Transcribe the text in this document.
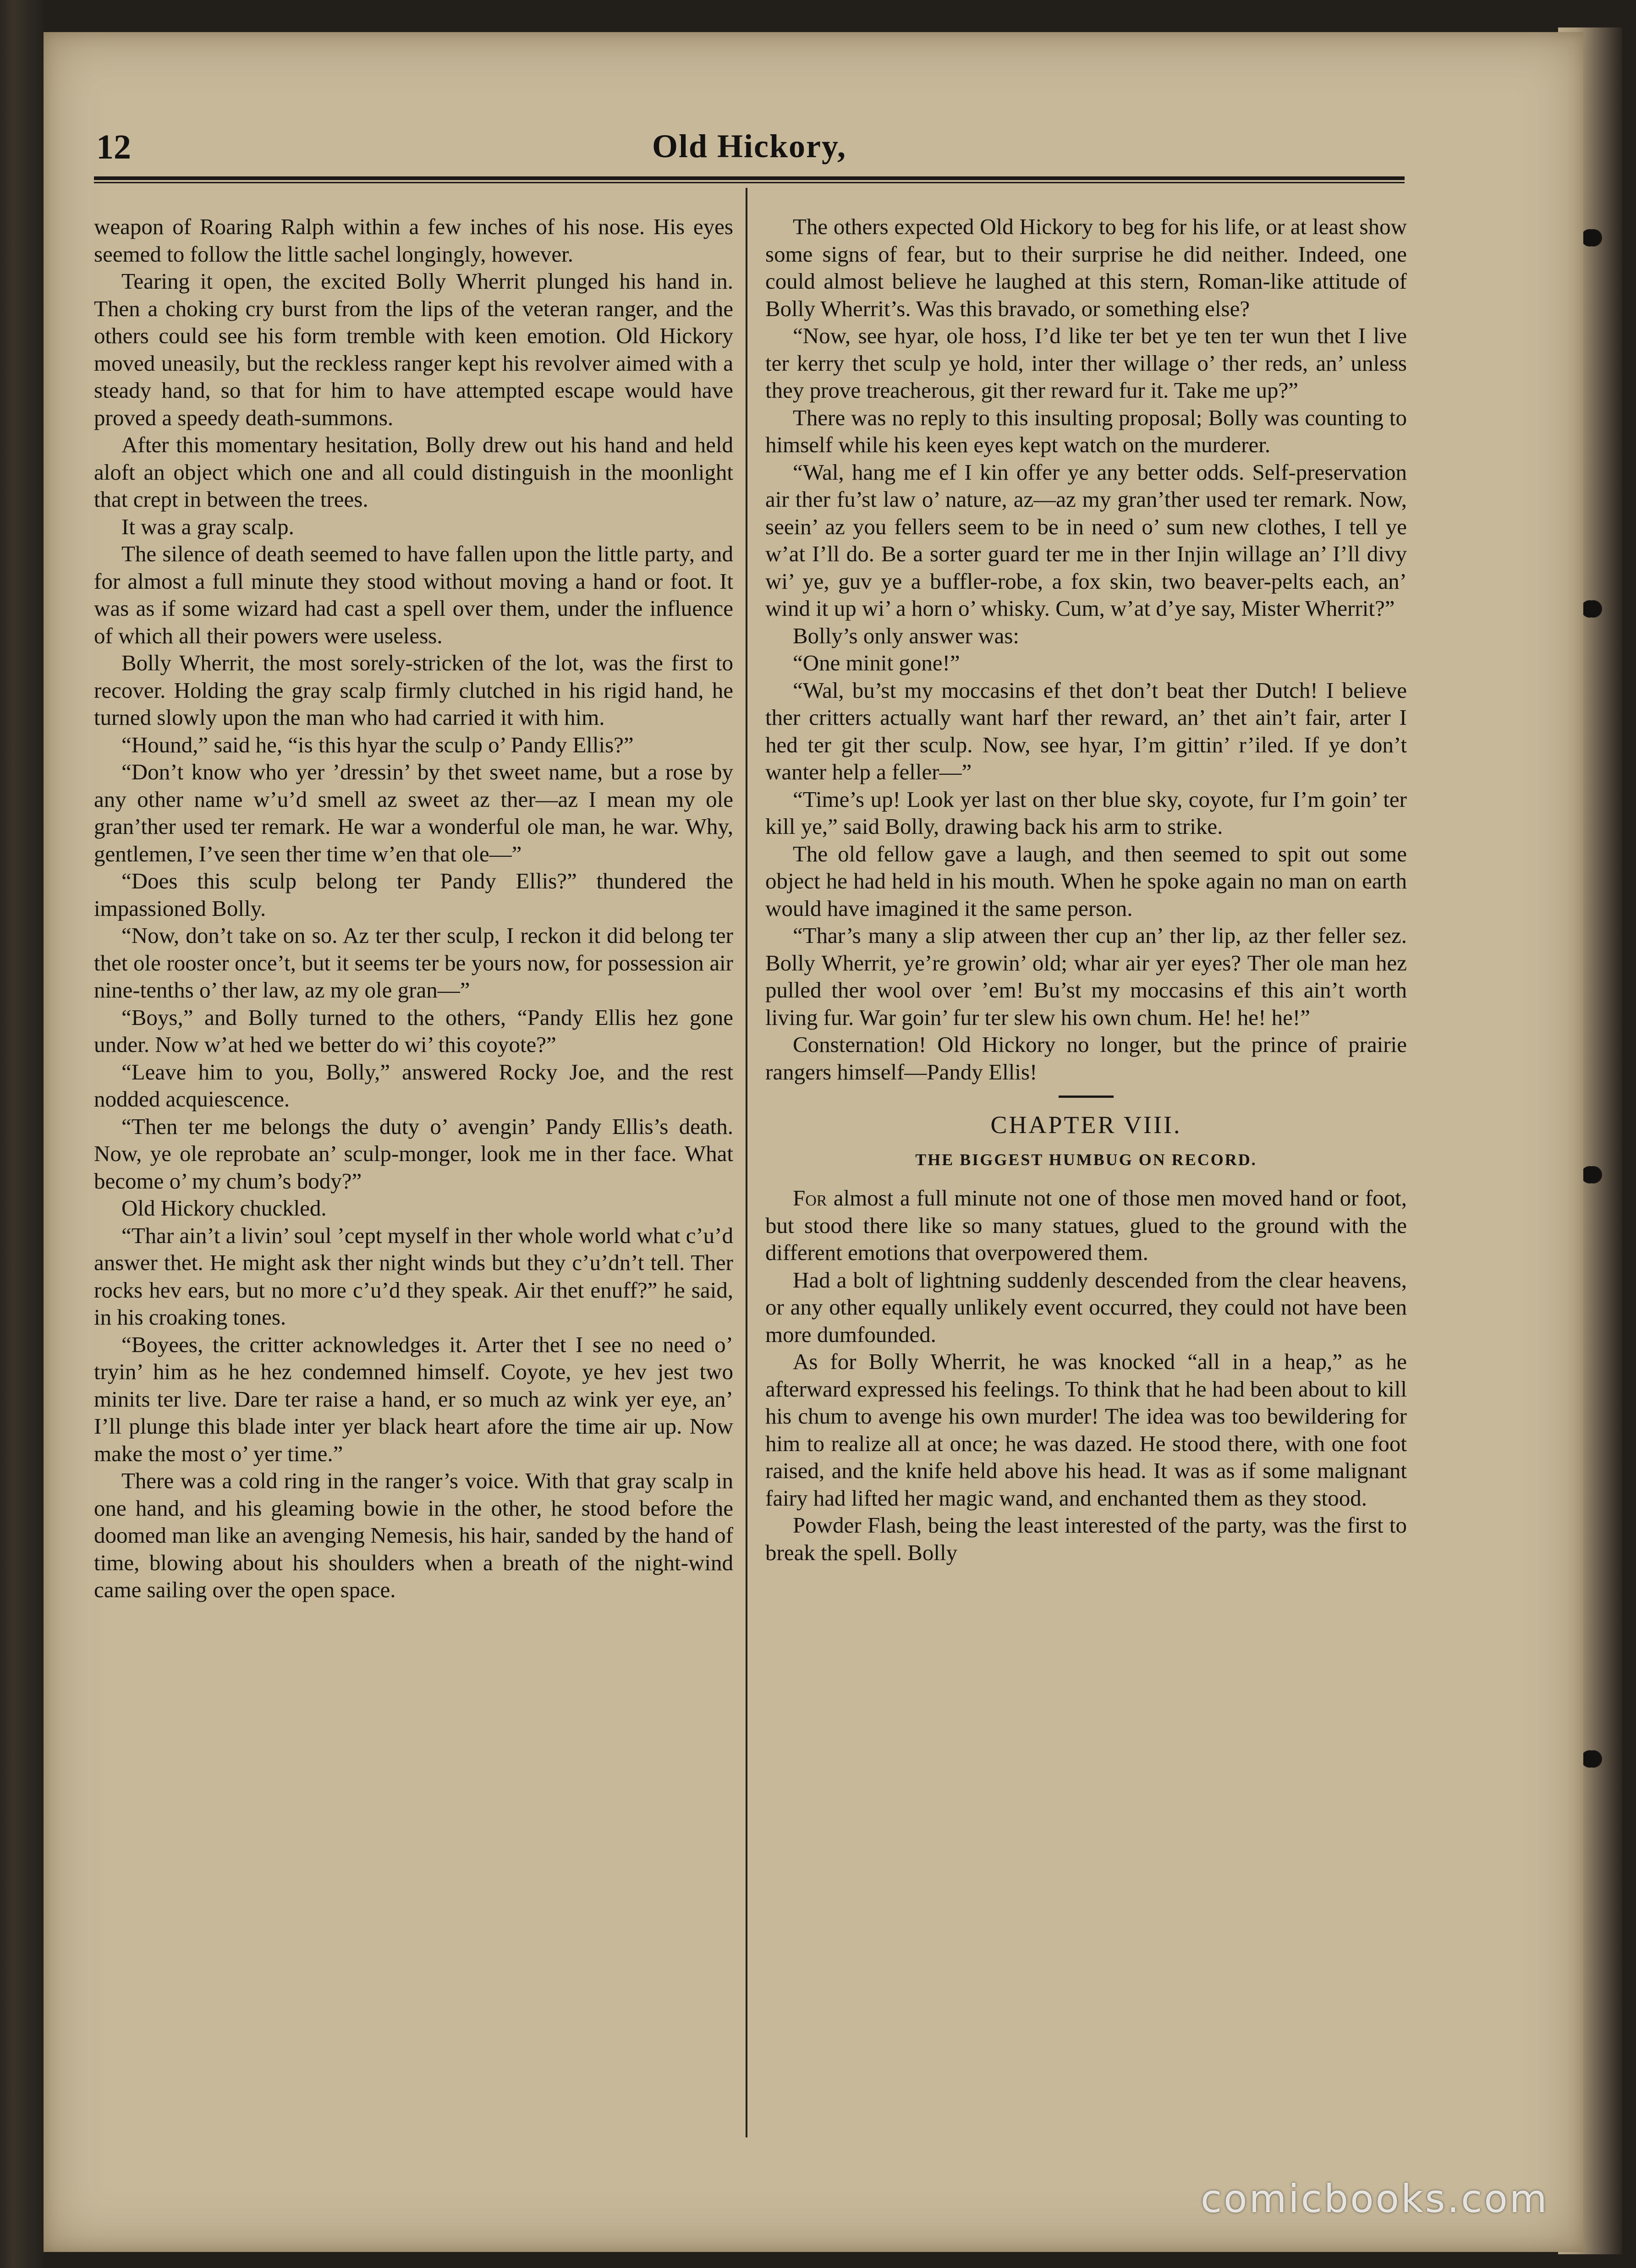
12	Old Hickory,

weapon of Roaring Ralph within a few inches of his nose. His eyes seemed to follow the little sachel longingly, however.

Tearing it open, the excited Bolly Wherrit plunged his hand in. Then a choking cry burst from the lips of the veteran ranger, and the others could see his form tremble with keen emotion. Old Hickory moved uneasily, but the reckless ranger kept his revolver aimed with a steady hand, so that for him to have attempted escape would have proved a speedy death-summons.

After this momentary hesitation, Bolly drew out his hand and held aloft an object which one and all could distinguish in the moonlight that crept in between the trees.

It was a gray scalp.

The silence of death seemed to have fallen upon the little party, and for almost a full minute they stood without moving a hand or foot. It was as if some wizard had cast a spell over them, under the influence of which all their powers were useless.

Bolly Wherrit, the most sorely-stricken of the lot, was the first to recover. Holding the gray scalp firmly clutched in his rigid hand, he turned slowly upon the man who had carried it with him.

“Hound,” said he, “is this hyar the sculp o’ Pandy Ellis?”

“Don’t know who yer ’dressin’ by thet sweet name, but a rose by any other name w’u’d smell az sweet az ther—az I mean my ole gran’ther used ter remark. He war a wonderful ole man, he war. Why, gentlemen, I’ve seen ther time w’en that ole—”

“Does this sculp belong ter Pandy Ellis?” thundered the impassioned Bolly.

“Now, don’t take on so. Az ter ther sculp, I reckon it did belong ter thet ole rooster once’t, but it seems ter be yours now, for possession air nine-tenths o’ ther law, az my ole gran—”

“Boys,” and Bolly turned to the others, “Pandy Ellis hez gone under. Now w’at hed we better do wi’ this coyote?”

“Leave him to you, Bolly,” answered Rocky Joe, and the rest nodded acquiescence.

“Then ter me belongs the duty o’ avengin’ Pandy Ellis’s death. Now, ye ole reprobate an’ sculp-monger, look me in ther face. What become o’ my chum’s body?”

Old Hickory chuckled.

“Thar ain’t a livin’ soul ’cept myself in ther whole world what c’u’d answer thet. He might ask ther night winds but they c’u’dn’t tell. Ther rocks hev ears, but no more c’u’d they speak. Air thet enuff?” he said, in his croaking tones.

“Boyees, the critter acknowledges it. Arter thet I see no need o’ tryin’ him as he hez condemned himself. Coyote, ye hev jest two minits ter live. Dare ter raise a hand, er so much az wink yer eye, an’ I’ll plunge this blade inter yer black heart afore the time air up. Now make the most o’ yer time.”

There was a cold ring in the ranger’s voice. With that gray scalp in one hand, and his gleaming bowie in the other, he stood before the doomed man like an avenging Nemesis, his hair, sanded by the hand of time, blowing about his shoulders when a breath of the night-wind came sailing over the open space.

The others expected Old Hickory to beg for his life, or at least show some signs of fear, but to their surprise he did neither. Indeed, one could almost believe he laughed at this stern, Roman-like attitude of Bolly Wherrit’s. Was this bravado, or something else?

“Now, see hyar, ole hoss, I’d like ter bet ye ten ter wun thet I live ter kerry thet sculp ye hold, inter ther willage o’ ther reds, an’ unless they prove treacherous, git ther reward fur it. Take me up?”

There was no reply to this insulting proposal; Bolly was counting to himself while his keen eyes kept watch on the murderer.

“Wal, hang me ef I kin offer ye any better odds. Self-preservation air ther fu’st law o’ nature, az—az my gran’ther used ter remark. Now, seein’ az you fellers seem to be in need o’ sum new clothes, I tell ye w’at I’ll do. Be a sorter guard ter me in ther Injin willage an’ I’ll divy wi’ ye, guv ye a buffler-robe, a fox skin, two beaver-pelts each, an’ wind it up wi’ a horn o’ whisky. Cum, w’at d’ye say, Mister Wherrit?”

Bolly’s only answer was:

“One minit gone!”

“Wal, bu’st my moccasins ef thet don’t beat ther Dutch! I believe ther critters actually want harf ther reward, an’ thet ain’t fair, arter I hed ter git ther sculp. Now, see hyar, I’m gittin’ r’iled. If ye don’t wanter help a feller—”

“Time’s up! Look yer last on ther blue sky, coyote, fur I’m goin’ ter kill ye,” said Bolly, drawing back his arm to strike.

The old fellow gave a laugh, and then seemed to spit out some object he had held in his mouth. When he spoke again no man on earth would have imagined it the same person.

“Thar’s many a slip atween ther cup an’ ther lip, az ther feller sez. Bolly Wherrit, ye’re growin’ old; whar air yer eyes? Ther ole man hez pulled ther wool over ’em! Bu’st my moccasins ef this ain’t worth living fur. War goin’ fur ter slew his own chum. He! he! he!”

Consternation! Old Hickory no longer, but the prince of prairie rangers himself—Pandy Ellis!

CHAPTER VIII.

THE BIGGEST HUMBUG ON RECORD.

For almost a full minute not one of those men moved hand or foot, but stood there like so many statues, glued to the ground with the different emotions that overpowered them.

Had a bolt of lightning suddenly descended from the clear heavens, or any other equally unlikely event occurred, they could not have been more dumfounded.

As for Bolly Wherrit, he was knocked “all in a heap,” as he afterward expressed his feelings. To think that he had been about to kill his chum to avenge his own murder! The idea was too bewildering for him to realize all at once; he was dazed. He stood there, with one foot raised, and the knife held above his head. It was as if some malignant fairy had lifted her magic wand, and enchanted them as they stood.

Powder Flash, being the least interested of the party, was the first to break the spell. Bolly

comicbooks.com
